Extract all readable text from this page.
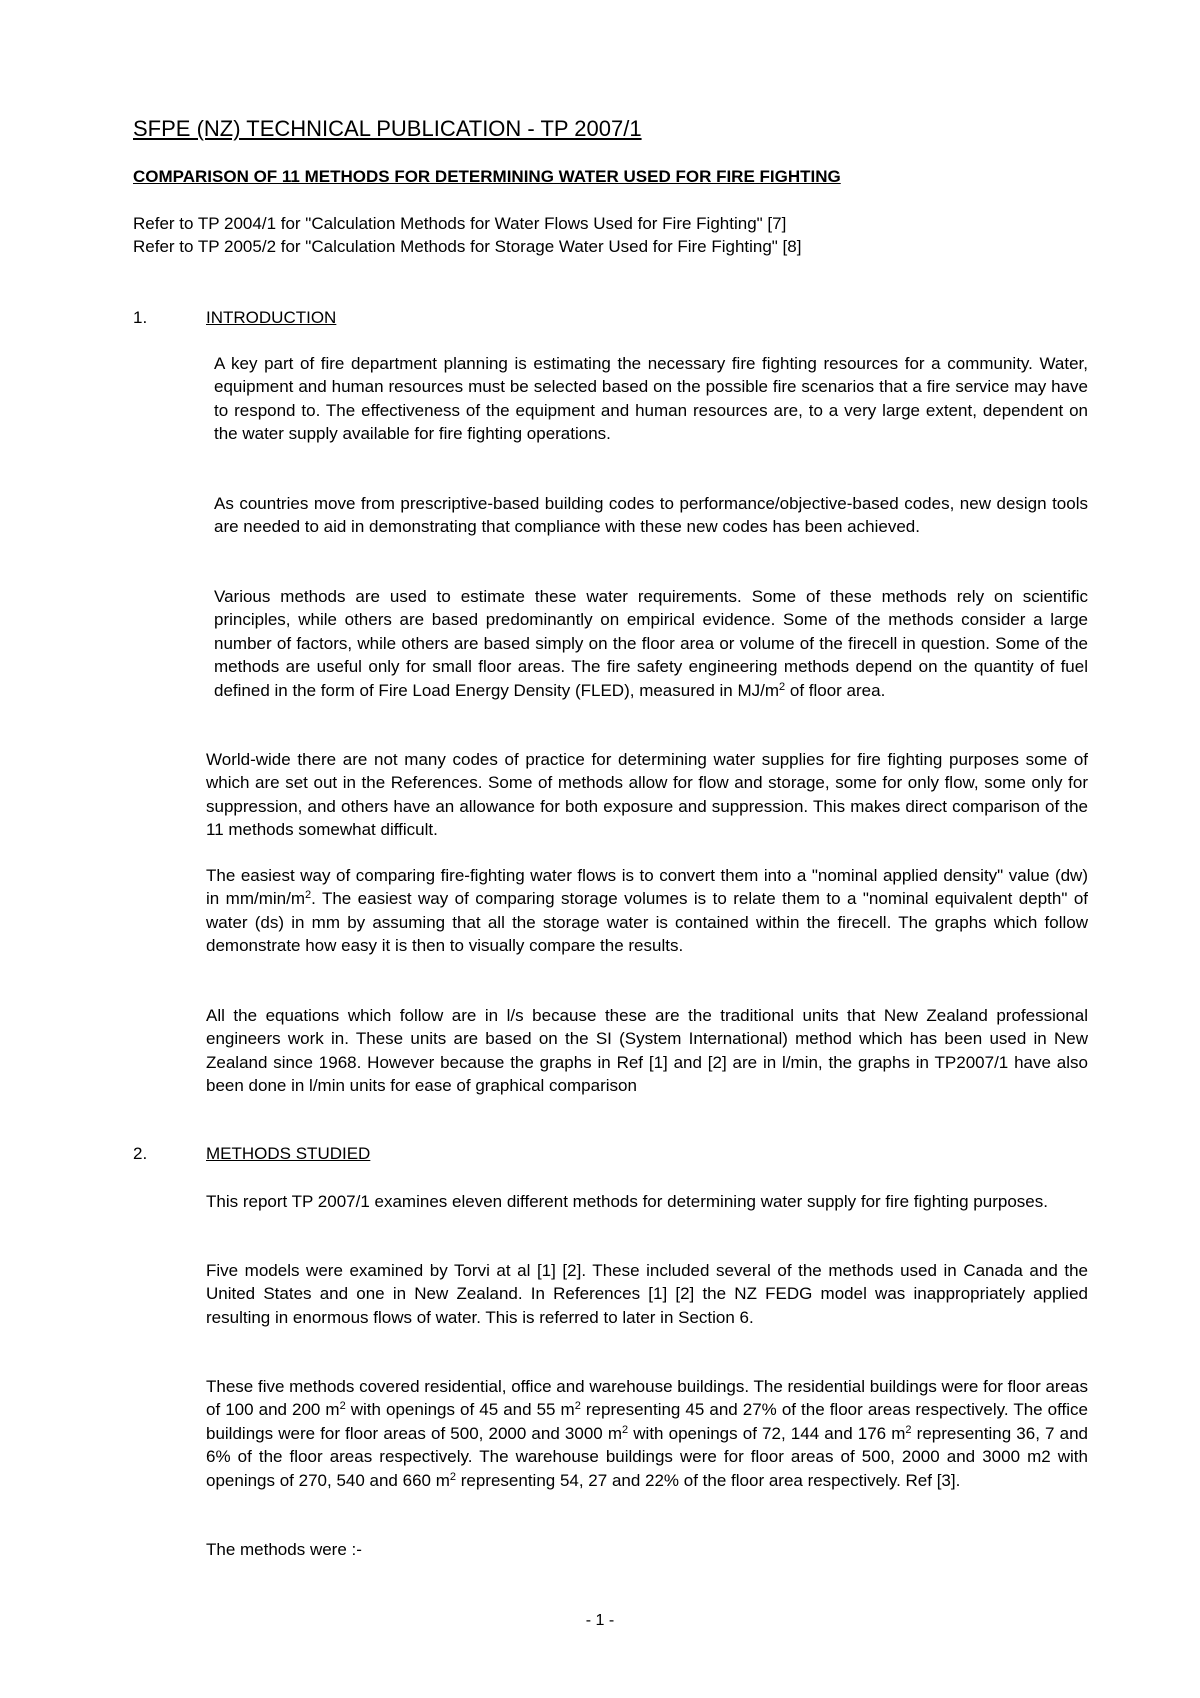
SFPE (NZ) TECHNICAL PUBLICATION - TP 2007/1
COMPARISON OF 11 METHODS FOR DETERMINING WATER USED FOR FIRE FIGHTING
Refer to TP 2004/1 for "Calculation Methods for Water Flows Used for Fire Fighting" [7]
Refer to TP 2005/2 for "Calculation Methods for Storage Water Used for Fire Fighting" [8]
1.	INTRODUCTION

A key part of fire department planning is estimating the necessary fire fighting resources for a community. Water, equipment and human resources must be selected based on the possible fire scenarios that a fire service may have to respond to. The effectiveness of the equipment and human resources are, to a very large extent, dependent on the water supply available for fire fighting operations.

As countries move from prescriptive-based building codes to performance/objective-based codes, new design tools are needed to aid in demonstrating that compliance with these new codes has been achieved.

Various methods are used to estimate these water requirements. Some of these methods rely on scientific principles, while others are based predominantly on empirical evidence. Some of the methods consider a large number of factors, while others are based simply on the floor area or volume of the firecell in question. Some of the methods are useful only for small floor areas. The fire safety engineering methods depend on the quantity of fuel defined in the form of Fire Load Energy Density (FLED), measured in $MJ/m^2$ of floor area.

World-wide there are not many codes of practice for determining water supplies for fire fighting purposes some of which are set out in the References. Some of methods allow for flow and storage, some for only flow, some only for suppression, and others have an allowance for both exposure and suppression. This makes direct comparison of the 11 methods somewhat difficult.

The easiest way of comparing fire-fighting water flows is to convert them into a "nominal applied density" value (dw) in $mm/\min/m^2$. The easiest way of comparing storage volumes is to relate them to a "nominal equivalent depth" of water (ds) in mm by assuming that all the storage water is contained within the firecell. The graphs which follow demonstrate how easy it is then to visually compare the results.

All the equations which follow are in l/s because these are the traditional units that New Zealand professional engineers work in. These units are based on the SI (System International) method which has been used in New Zealand since 1968. However because the graphs in Ref [1] and [2] are in l/min, the graphs in TP2007/1 have also been done in l/min units for ease of graphical comparison

2.	METHODS STUDIED

This report TP 2007/1 examines eleven different methods for determining water supply for fire fighting purposes.

Five models were examined by Torvi at al [1] [2]. These included several of the methods used in Canada and the United States and one in New Zealand. In References [1] [2] the NZ FEDG model was inappropriately applied resulting in enormous flows of water. This is referred to later in Section 6.

These five methods covered residential, office and warehouse buildings. The residential buildings were for floor areas of 100 and 200 $m^2$ with openings of 45 and 55 $m^2$ representing 45 and 27% of the floor areas respectively. The office buildings were for floor areas of 500, 2000 and 3000 $m^2$ with openings of 72, 144 and 176 $m^2$ representing 36, 7 and 6% of the floor areas respectively. The warehouse buildings were for floor areas of 500, 2000 and 3000 m2 with openings of 270, 540 and 660 $m^2$ representing 54, 27 and 22% of the floor area respectively. Ref [3].

The methods were :-

- 1 -
